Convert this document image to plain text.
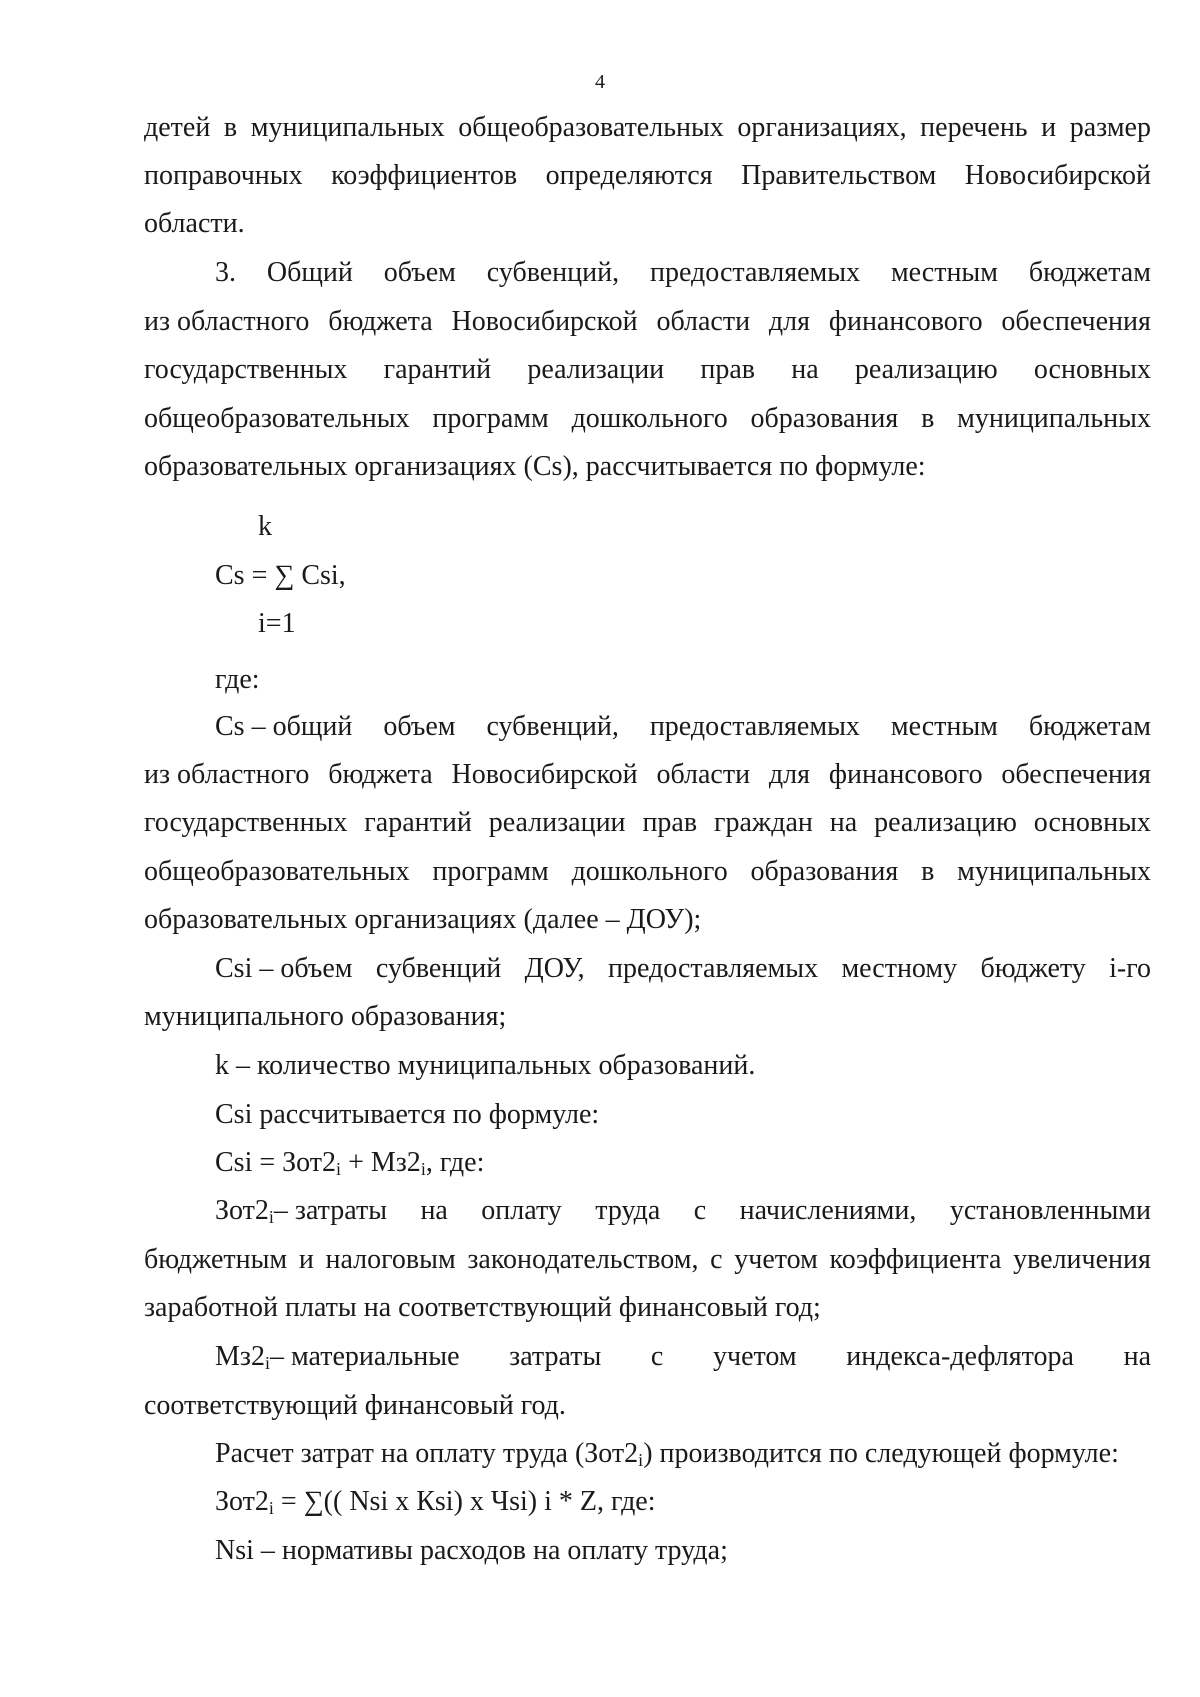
4
детей в муниципальных общеобразовательных организациях, перечень и размер
поправочных коэффициентов определяются Правительством Новосибирской
области.
3. Общий объем субвенций, предоставляемых местным бюджетам
из областного бюджета Новосибирской области для финансового обеспечения
государственных гарантий реализации прав на реализацию основных
общеобразовательных программ дошкольного образования в муниципальных
образовательных организациях (Cs), рассчитывается по формуле:
k
Cs = ∑ Csi,
i=1
где:
Cs – общий объем субвенций, предоставляемых местным бюджетам
из областного бюджета Новосибирской области для финансового обеспечения
государственных гарантий реализации прав граждан на реализацию основных
общеобразовательных программ дошкольного образования в муниципальных
образовательных организациях (далее – ДОУ);
Csi – объем субвенций ДОУ, предоставляемых местному бюджету i-го
муниципального образования;
k – количество муниципальных образований.
Csi рассчитывается по формуле:
Csi = $Зот2_i + Мз2_i$, где:
$Зот2_i-$ затраты на оплату труда с начислениями, установленными
бюджетным и налоговым законодательством, с учетом коэффициента увеличения
заработной платы на соответствующий финансовый год;
$Мз2_i-$ материальные затраты с учетом индекса-дефлятора на
соответствующий финансовый год.
Расчет затрат на оплату труда $(Зот2_i)$ производится по следующей формуле:
$Зот2_i$ = ∑(( Nsi x Кsi) x Чsi) i * Z, где:
Nsi – нормативы расходов на оплату труда;
